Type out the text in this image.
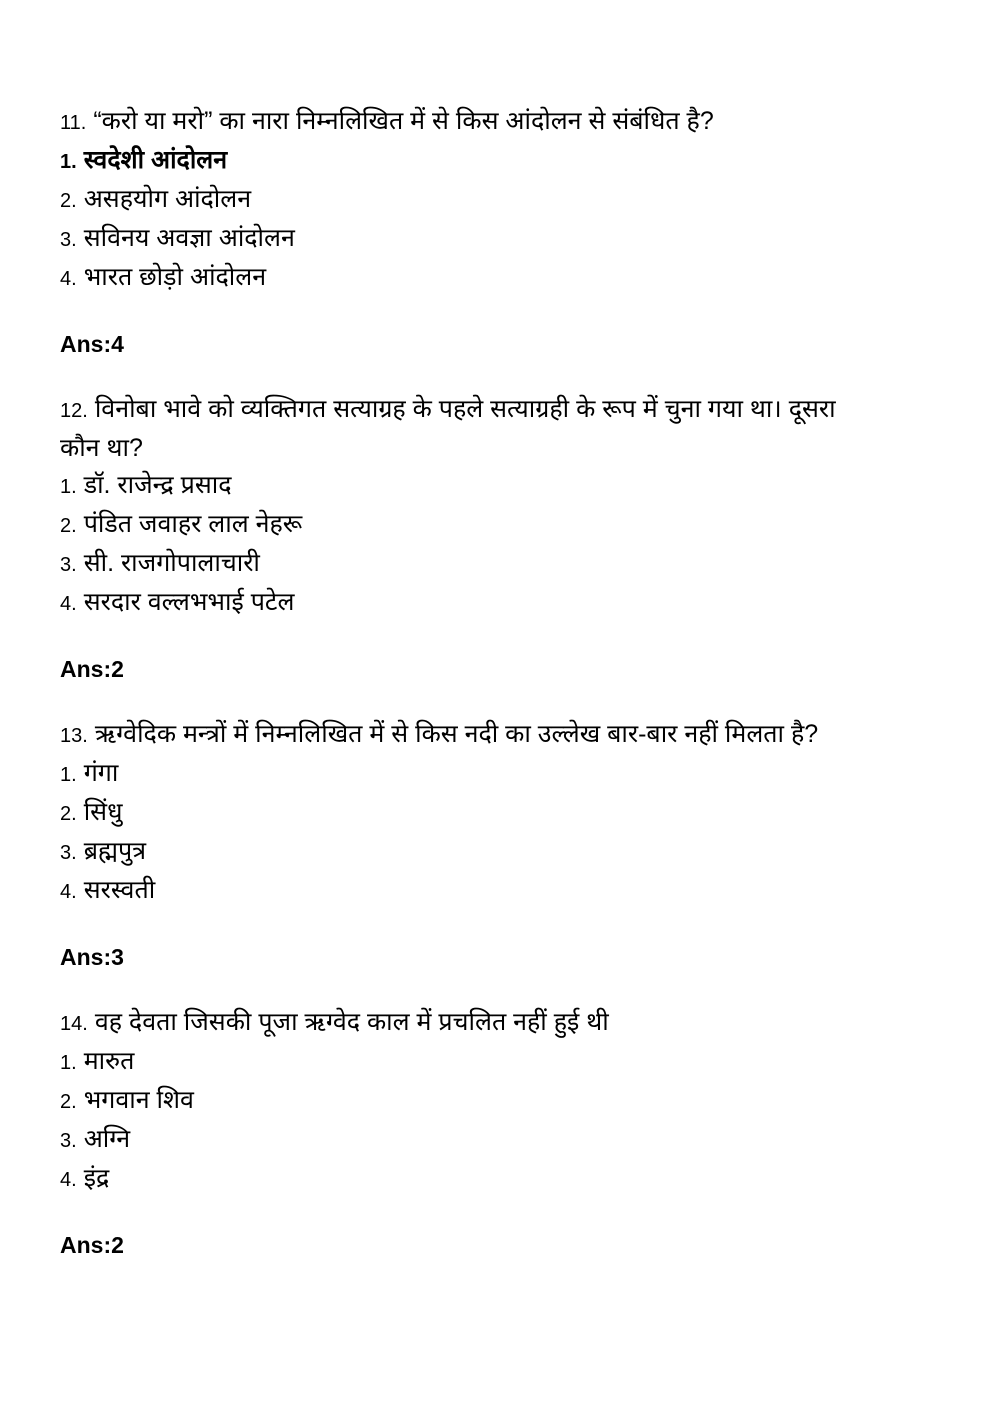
11. “करो या मरो” का नारा निम्नलिखित में से किस आंदोलन से संबंधित है?
1. स्वदेशी आंदोलन
2. असहयोग आंदोलन
3. सविनय अवज्ञा आंदोलन
4. भारत छोड़ो आंदोलन
Ans:4
12. विनोबा भावे को व्यक्तिगत सत्याग्रह के पहले सत्याग्रही के रूप में चुना गया था। दूसरा
कौन था?
1. डॉ. राजेन्द्र प्रसाद
2. पंडित जवाहर लाल नेहरू
3. सी. राजगोपालाचारी
4. सरदार वल्लभभाई पटेल
Ans:2
13. ऋग्वेदिक मन्त्रों में निम्नलिखित में से किस नदी का उल्लेख बार-बार नहीं मिलता है?
1. गंगा
2. सिंधु
3. ब्रह्मपुत्र
4. सरस्वती
Ans:3
14. वह देवता जिसकी पूजा ऋग्वेद काल में प्रचलित नहीं हुई थी
1. मारुत
2. भगवान शिव
3. अग्नि
4. इंद्र
Ans:2
